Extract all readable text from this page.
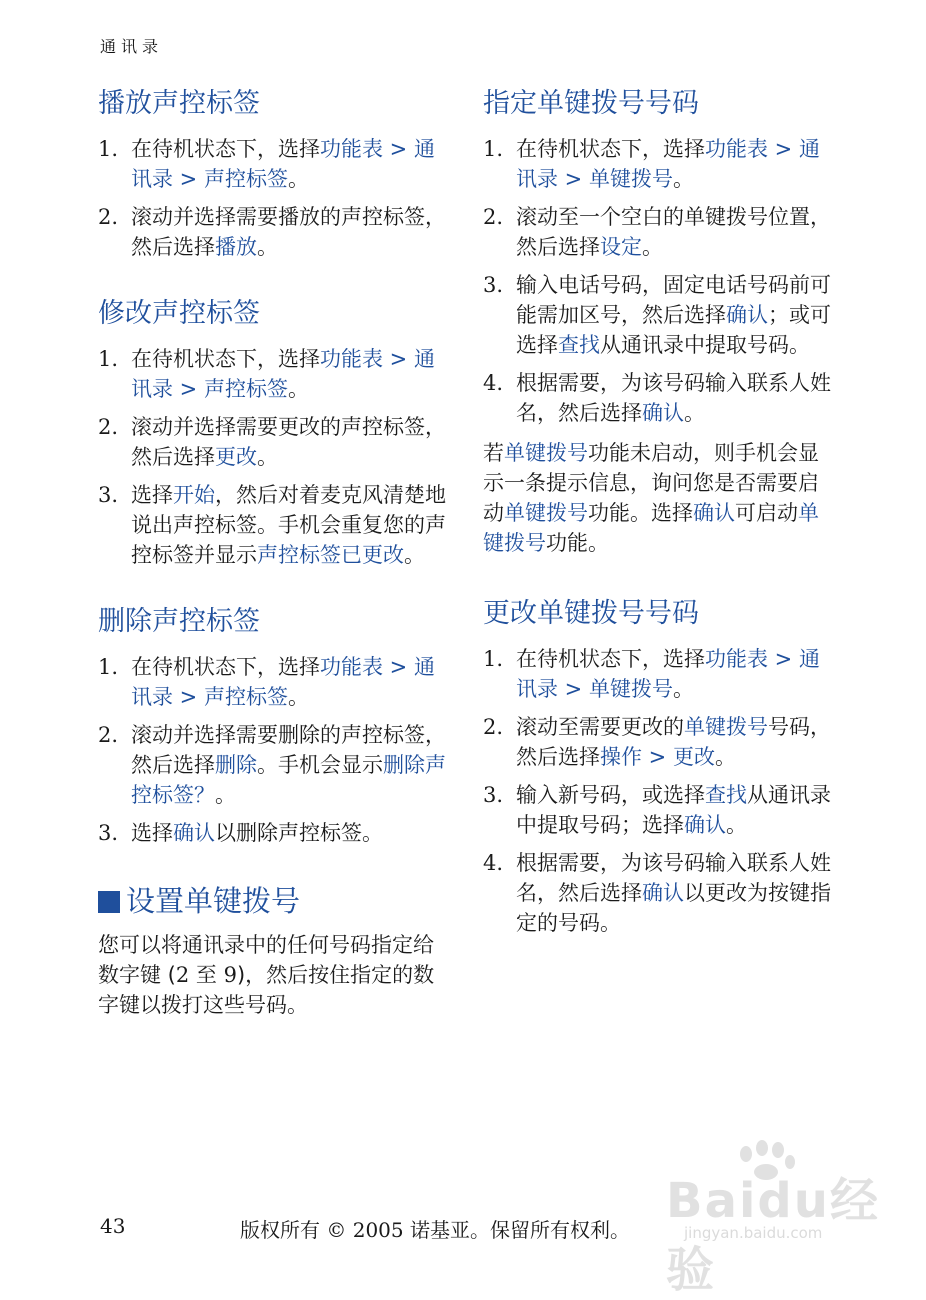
通讯录
播放声控标签
1. 在待机状态下，选择功能表 > 通讯录 > 声控标签。
2. 滚动并选择需要播放的声控标签，然后选择播放。
修改声控标签
1. 在待机状态下，选择功能表 > 通讯录 > 声控标签。
2. 滚动并选择需要更改的声控标签，然后选择更改。
3. 选择开始，然后对着麦克风清楚地说出声控标签。手机会重复您的声控标签并显示声控标签已更改。
删除声控标签
1. 在待机状态下，选择功能表 > 通讯录 > 声控标签。
2. 滚动并选择需要删除的声控标签，然后选择删除。手机会显示删除声控标签？。
3. 选择确认以删除声控标签。
设置单键拨号

您可以将通讯录中的任何号码指定给数字键 (2 至 9)，然后按住指定的数字键以拨打这些号码。

指定单键拨号号码
1. 在待机状态下，选择功能表 > 通讯录 > 单键拨号。
2. 滚动至一个空白的单键拨号位置，然后选择设定。
3. 输入电话号码，固定电话号码前可能需加区号，然后选择确认；或可选择查找从通讯录中提取号码。
4. 根据需要，为该号码输入联系人姓名，然后选择确认。

若单键拨号功能未启动，则手机会显示一条提示信息，询问您是否需要启动单键拨号功能。选择确认可启动单键拨号功能。

更改单键拨号号码
1. 在待机状态下，选择功能表 > 通讯录 > 单键拨号。
2. 滚动至需要更改的单键拨号号码，然后选择操作 > 更改。
3. 输入新号码，或选择查找从通讯录中提取号码；选择确认。
4. 根据需要，为该号码输入联系人姓名，然后选择确认以更改为按键指定的号码。
Baidu经验
jingyan.baidu.com
43	版权所有 © 2005 诺基亚。保留所有权利。
